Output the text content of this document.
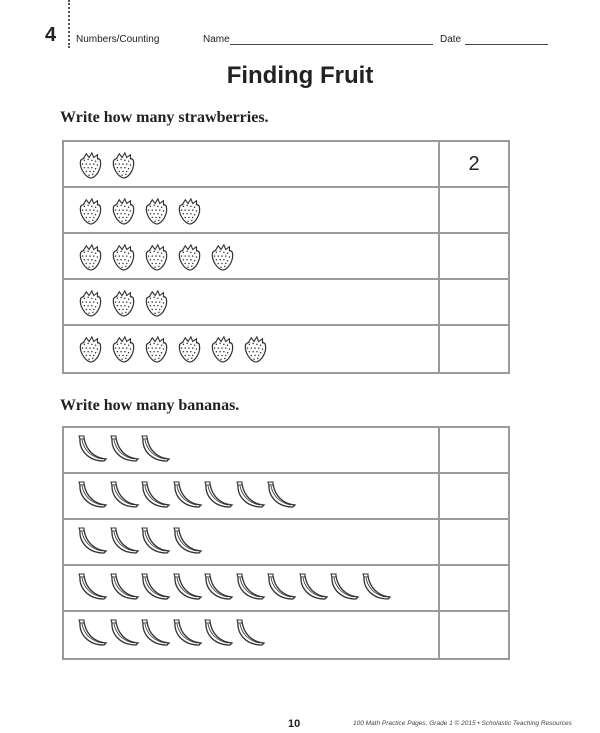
4 Numbers/Counting	Name	Date
Finding Fruit
Write how many strawberries.
2
Write how many bananas.
10	100 Math Practice Pages, Grade 1 © 2015 • Scholastic Teaching Resources
